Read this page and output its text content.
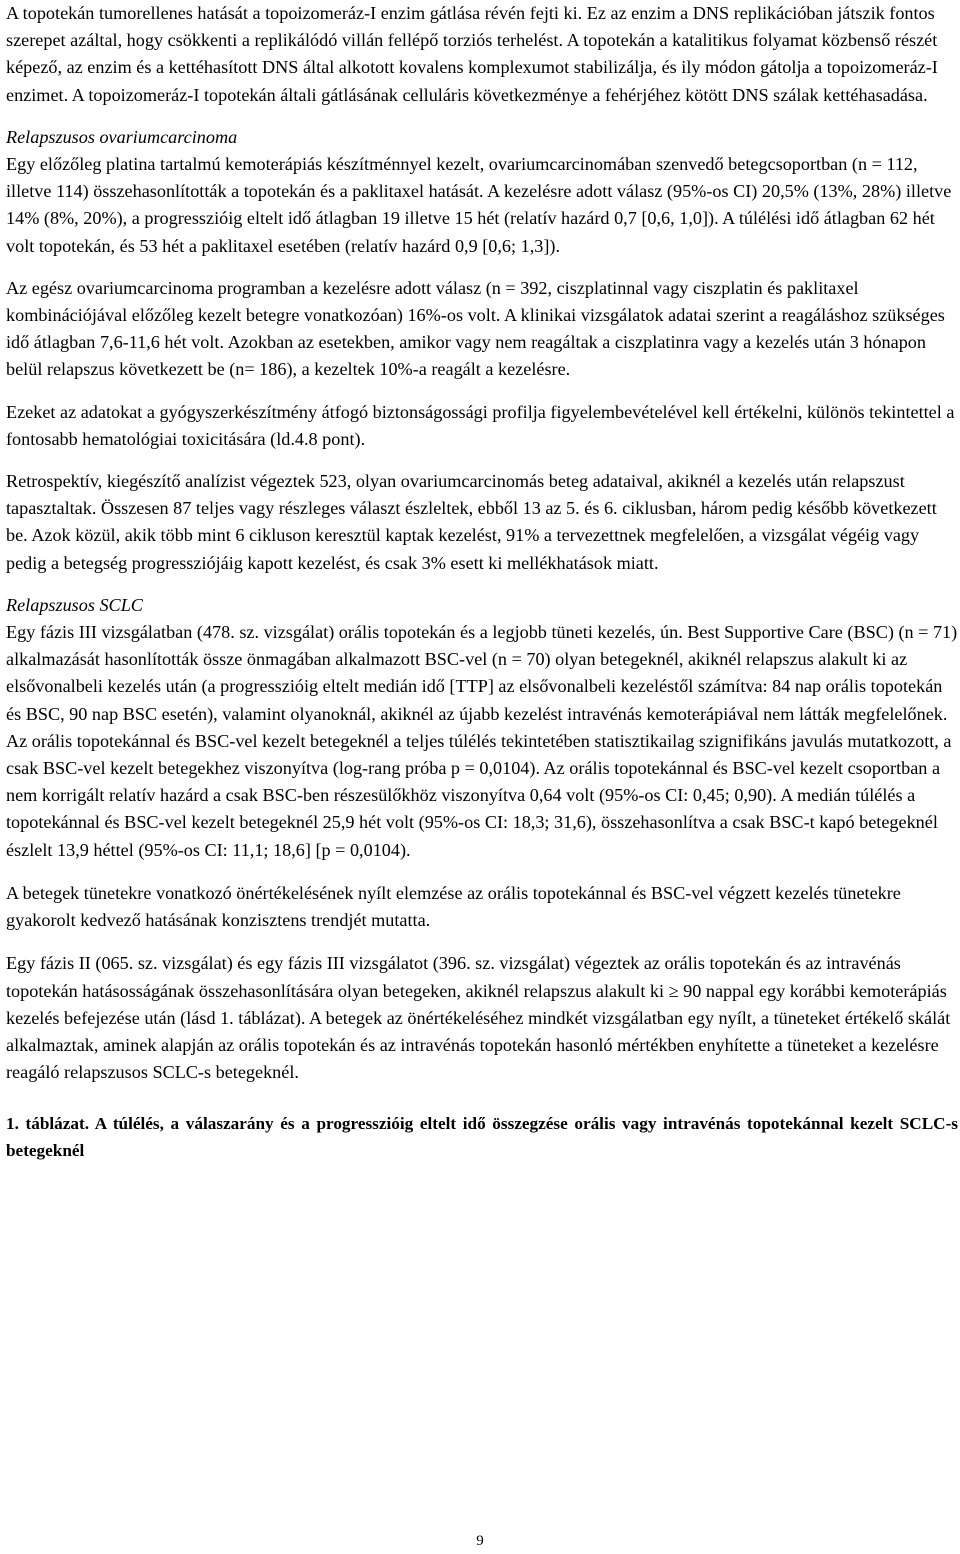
A topotekán tumorellenes hatását a topoizomeráz-I enzim gátlása révén fejti ki. Ez az enzim a DNS replikációban játszik fontos szerepet azáltal, hogy csökkenti a replikálódó villán fellépő torziós terhelést. A topotekán a katalitikus folyamat közbenső részét képező, az enzim és a kettéhasított DNS által alkotott kovalens komplexumot stabilizálja, és ily módon gátolja a topoizomeráz-I enzimet. A topoizomeráz-I topotekán általi gátlásának celluláris következménye a fehérjéhez kötött DNS szálak kettéhasadása.

Relapszusos ovariumcarcinoma

Egy előzőleg platina tartalmú kemoterápiás készítménnyel kezelt, ovariumcarcinomában szenvedő betegcsoportban (n = 112, illetve 114) összehasonlították a topotekán és a paklitaxel hatását. A kezelésre adott válasz (95%-os CI) 20,5% (13%, 28%) illetve 14% (8%, 20%), a progresszióig eltelt idő átlagban 19 illetve 15 hét (relatív hazárd 0,7 [0,6, 1,0]). A túlélési idő átlagban 62 hét volt topotekán, és 53 hét a paklitaxel esetében (relatív hazárd 0,9 [0,6; 1,3]).

Az egész ovariumcarcinoma programban a kezelésre adott válasz (n = 392, ciszplatinnal vagy ciszplatin és paklitaxel kombinációjával előzőleg kezelt betegre vonatkozóan) 16%-os volt. A klinikai vizsgálatok adatai szerint a reagáláshoz szükséges idő átlagban 7,6-11,6 hét volt. Azokban az esetekben, amikor vagy nem reagáltak a ciszplatinra vagy a kezelés után 3 hónapon belül relapszus következett be (n= 186), a kezeltek 10%-a reagált a kezelésre.

Ezeket az adatokat a gyógyszerkészítmény átfogó biztonságossági profilja figyelembevételével kell értékelni, különös tekintettel a fontosabb hematológiai toxicitására (ld.4.8 pont).

Retrospektív, kiegészítő analízist végeztek 523, olyan ovariumcarcinomás beteg adataival, akiknél a kezelés után relapszust tapasztaltak. Összesen 87 teljes vagy részleges választ észleltek, ebből 13 az 5. és 6. ciklusban, három pedig később következett be. Azok közül, akik több mint 6 cikluson keresztül kaptak kezelést, 91% a tervezettnek megfelelően, a vizsgálat végéig vagy pedig a betegség progressziójáig kapott kezelést, és csak 3% esett ki mellékhatások miatt.

Relapszusos SCLC

Egy fázis III vizsgálatban (478. sz. vizsgálat) orális topotekán és a legjobb tüneti kezelés, ún. Best Supportive Care (BSC) (n = 71) alkalmazását hasonlították össze önmagában alkalmazott BSC-vel (n = 70) olyan betegeknél, akiknél relapszus alakult ki az elsővonalbeli kezelés után (a progresszióig eltelt medián idő [TTP] az elsővonalbeli kezeléstől számítva: 84 nap orális topotekán és BSC, 90 nap BSC esetén), valamint olyanoknál, akiknél az újabb kezelést intravénás kemoterápiával nem látták megfelelőnek. Az orális topotekánnal és BSC-vel kezelt betegeknél a teljes túlélés tekintetében statisztikailag szignifikáns javulás mutatkozott, a csak BSC-vel kezelt betegekhez viszonyítva (log-rang próba p = 0,0104). Az orális topotekánnal és BSC-vel kezelt csoportban a nem korrigált relatív hazárd a csak BSC-ben részesülőkhöz viszonyítva 0,64 volt (95%-os CI: 0,45; 0,90). A medián túlélés a topotekánnal és BSC-vel kezelt betegeknél 25,9 hét volt (95%-os CI: 18,3; 31,6), összehasonlítva a csak BSC-t kapó betegeknél észlelt 13,9 héttel (95%-os CI: 11,1; 18,6] [p = 0,0104).

A betegek tünetekre vonatkozó önértékelésének nyílt elemzése az orális topotekánnal és BSC-vel végzett kezelés tünetekre gyakorolt kedvező hatásának konzisztens trendjét mutatta.

Egy fázis II (065. sz. vizsgálat) és egy fázis III vizsgálatot (396. sz. vizsgálat) végeztek az orális topotekán és az intravénás topotekán hatásosságának összehasonlítására olyan betegeken, akiknél relapszus alakult ki ≥ 90 nappal egy korábbi kemoterápiás kezelés befejezése után (lásd 1. táblázat). A betegek az önértékeléséhez mindkét vizsgálatban egy nyílt, a tüneteket értékelő skálát alkalmaztak, aminek alapján az orális topotekán és az intravénás topotekán hasonló mértékben enyhítette a tüneteket a kezelésre reagáló relapszusos SCLC-s betegeknél.

1. táblázat. A túlélés, a válaszarány és a progresszióig eltelt idő összegzése orális vagy intravénás topotekánnal kezelt SCLC-s betegeknél

9
